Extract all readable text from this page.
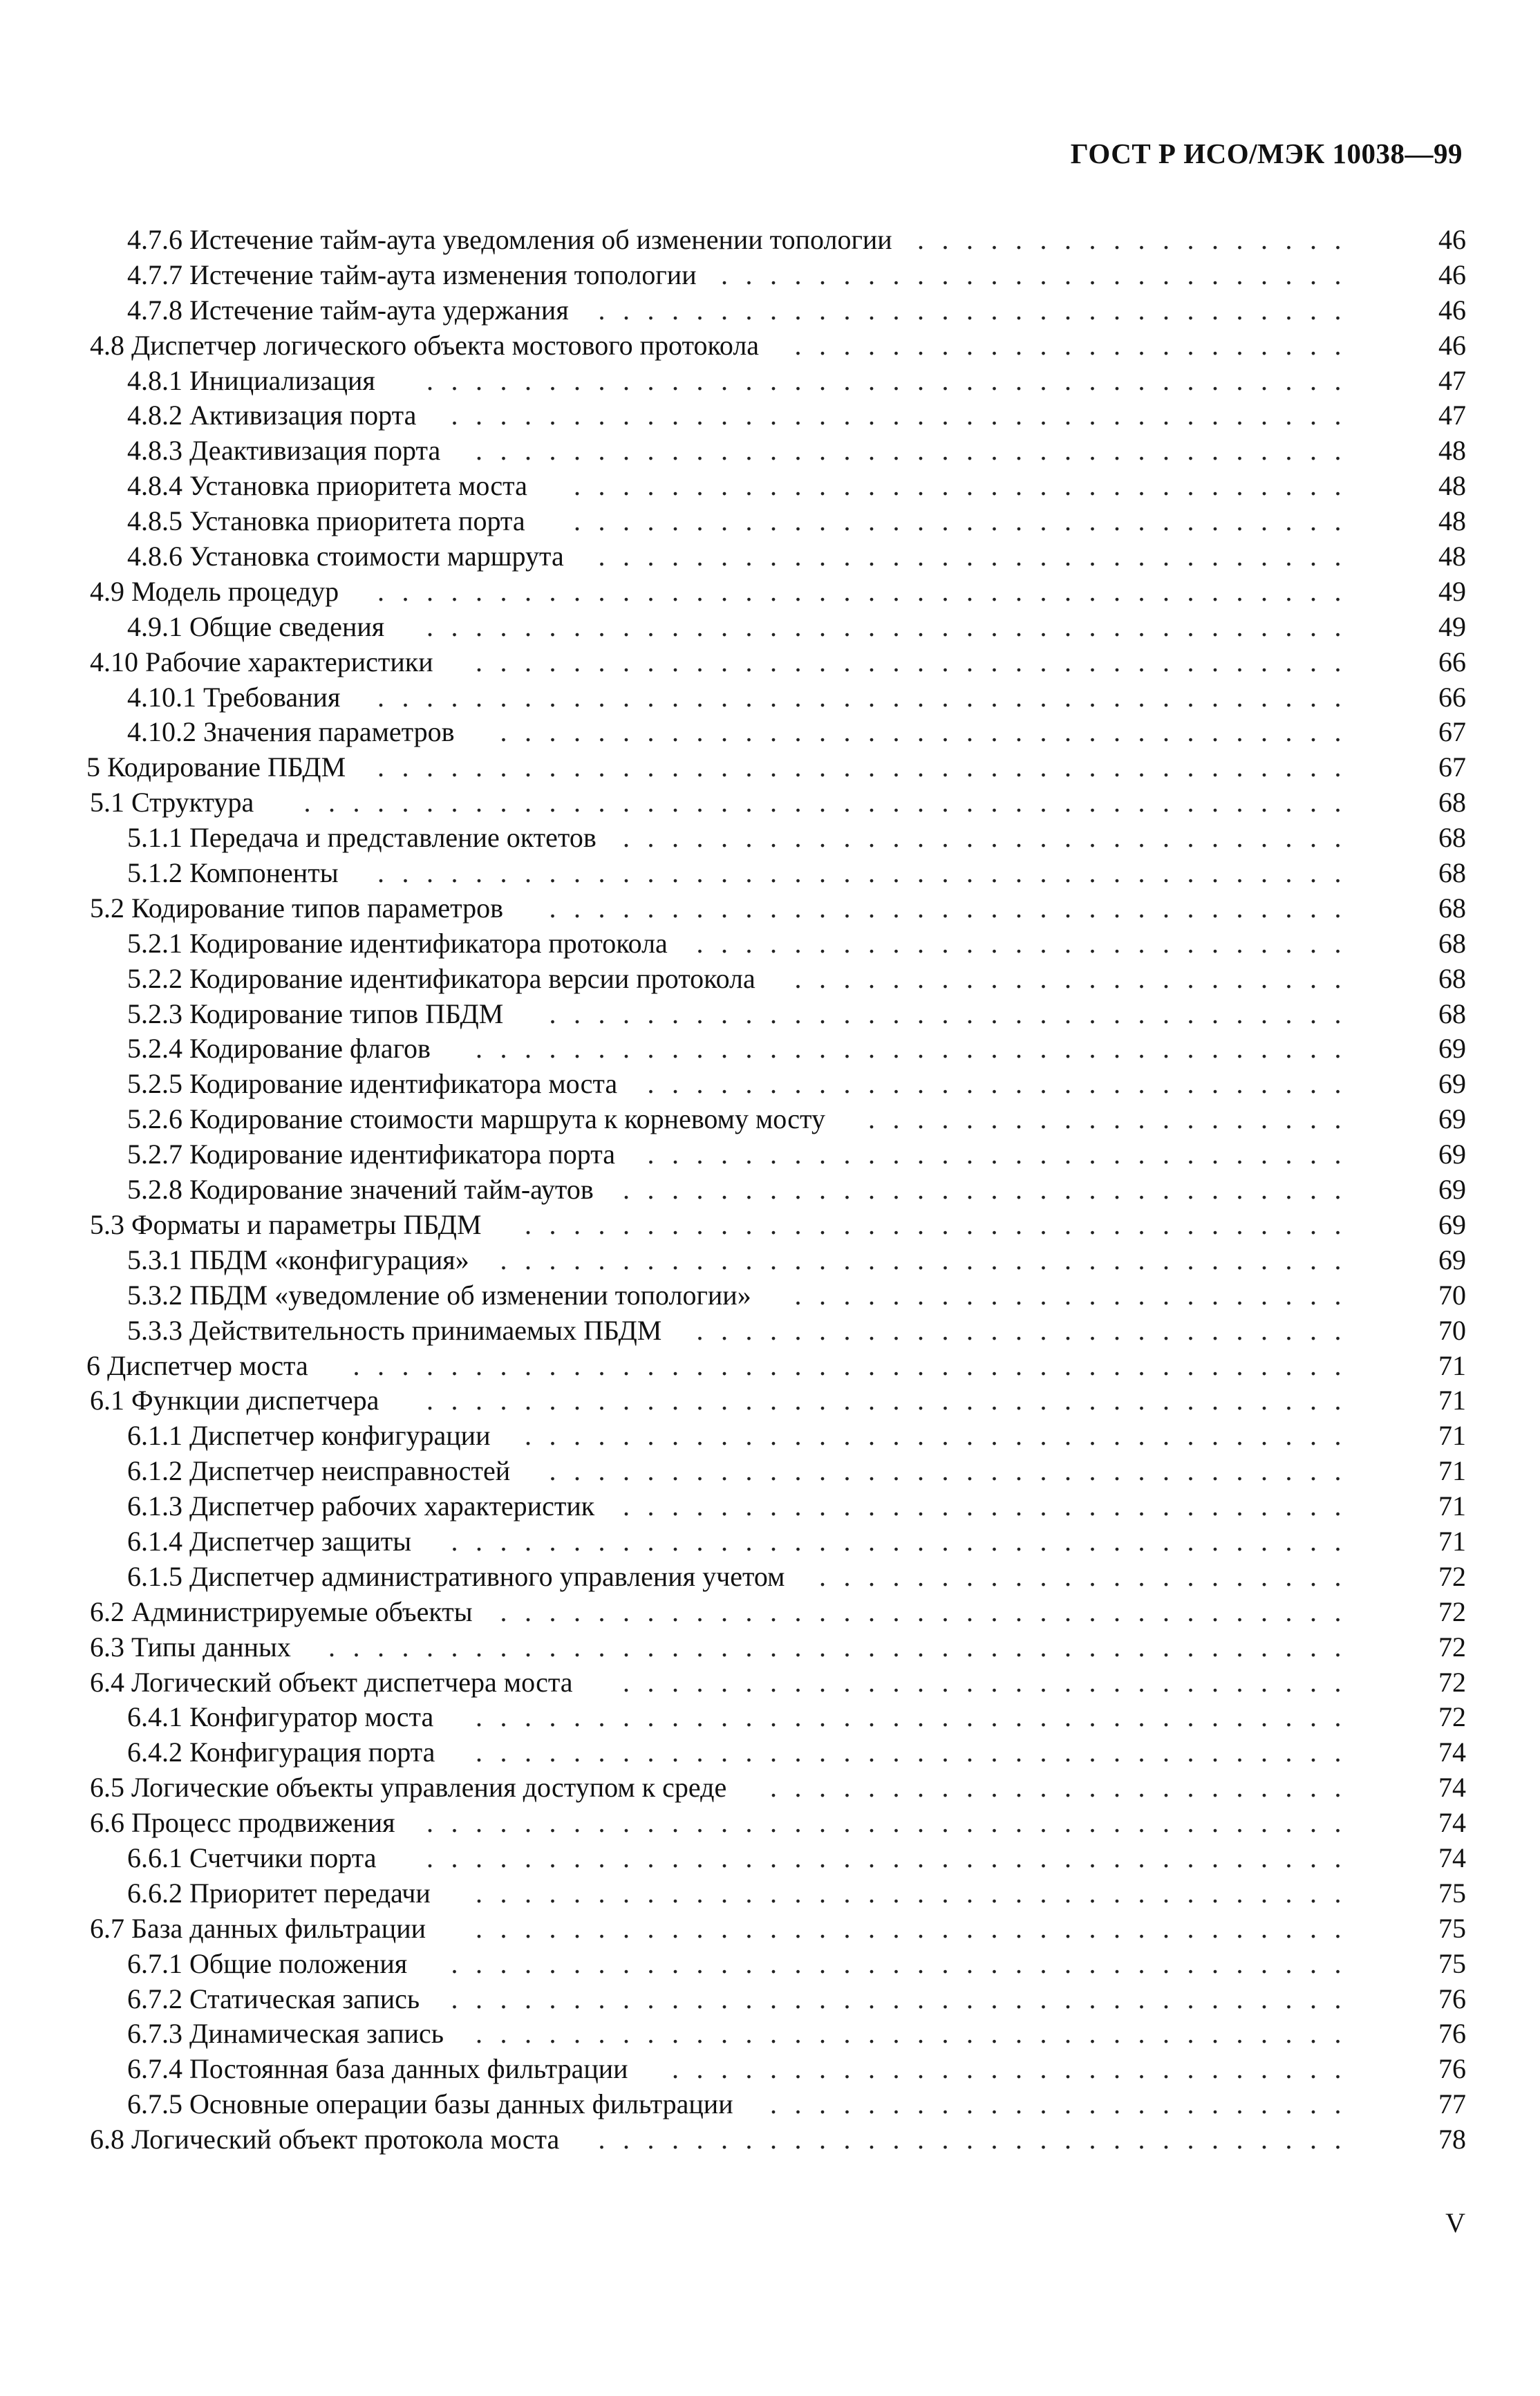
ГОСТ Р ИСО/МЭК 10038—99
4.7.6 Истечение тайм-аута уведомления об изменении топологии ..................	46
4.7.7 Истечение тайм-аута изменения топологии ..........................	46
4.7.8 Истечение тайм-аута удержания ...............................	46
4.8 Диспетчер логического объекта мостового протокола .......................	46
4.8.1 Инициализация ......................................	47
4.8.2 Активизация порта .....................................	47
4.8.3 Деактивизация порта ....................................	48
4.8.4 Установка приоритета моста ................................	48
4.8.5 Установка приоритета порта ................................	48
4.8.6 Установка стоимости маршрута ...............................	48
4.9 Модель процедур ........................................	49
4.9.1 Общие сведения ......................................	49
4.10 Рабочие характеристики ....................................	66
4.10.1 Требования ........................................	66
4.10.2 Значения параметров ...................................	67
5 Кодирование ПБДМ ........................................	67
5.1 Структура ...........................................	68
5.1.1 Передача и представление октетов ..............................	68
5.1.2 Компоненты ........................................	68
5.2 Кодирование типов параметров .................................	68
5.2.1 Кодирование идентификатора протокола ...........................	68
5.2.2 Кодирование идентификатора версии протокола .......................	68
5.2.3 Кодирование типов ПБДМ .................................	68
5.2.4 Кодирование флагов ....................................	69
5.2.5 Кодирование идентификатора моста .............................	69
5.2.6 Кодирование стоимости маршрута к корневому мосту ....................	69
5.2.7 Кодирование идентификатора порта .............................	69
5.2.8 Кодирование значений тайм-аутов ..............................	69
5.3 Форматы и параметры ПБДМ ..................................	69
5.3.1 ПБДМ «конфигурация» ...................................	69
5.3.2 ПБДМ «уведомление об изменении топологии» .......................	70
5.3.3 Действительность принимаемых ПБДМ ...........................	70
6 Диспетчер моста .........................................	71
6.1 Функции диспетчера ......................................	71
6.1.1 Диспетчер конфигурации ..................................	71
6.1.2 Диспетчер неисправностей .................................	71
6.1.3 Диспетчер рабочих характеристик ..............................	71
6.1.4 Диспетчер защиты .....................................	71
6.1.5 Диспетчер административного управления учетом ......................	72
6.2 Администрируемые объекты ...................................	72
6.3 Типы данных ..........................................	72
6.4 Логический объект диспетчера моста ..............................	72
6.4.1 Конфигуратор моста ....................................	72
6.4.2 Конфигурация порта ....................................	74
6.5 Логические объекты управления доступом к среде ........................	74
6.6 Процесс продвижения ......................................	74
6.6.1 Счетчики порта ......................................	74
6.6.2 Приоритет передачи ....................................	75
6.7 База данных фильтрации ....................................	75
6.7.1 Общие положения .....................................	75
6.7.2 Статическая запись .....................................	76
6.7.3 Динамическая запись ....................................	76
6.7.4 Постоянная база данных фильтрации ............................	76
6.7.5 Основные операции базы данных фильтрации ........................	77
6.8 Логический объект протокола моста ...............................	78
V
